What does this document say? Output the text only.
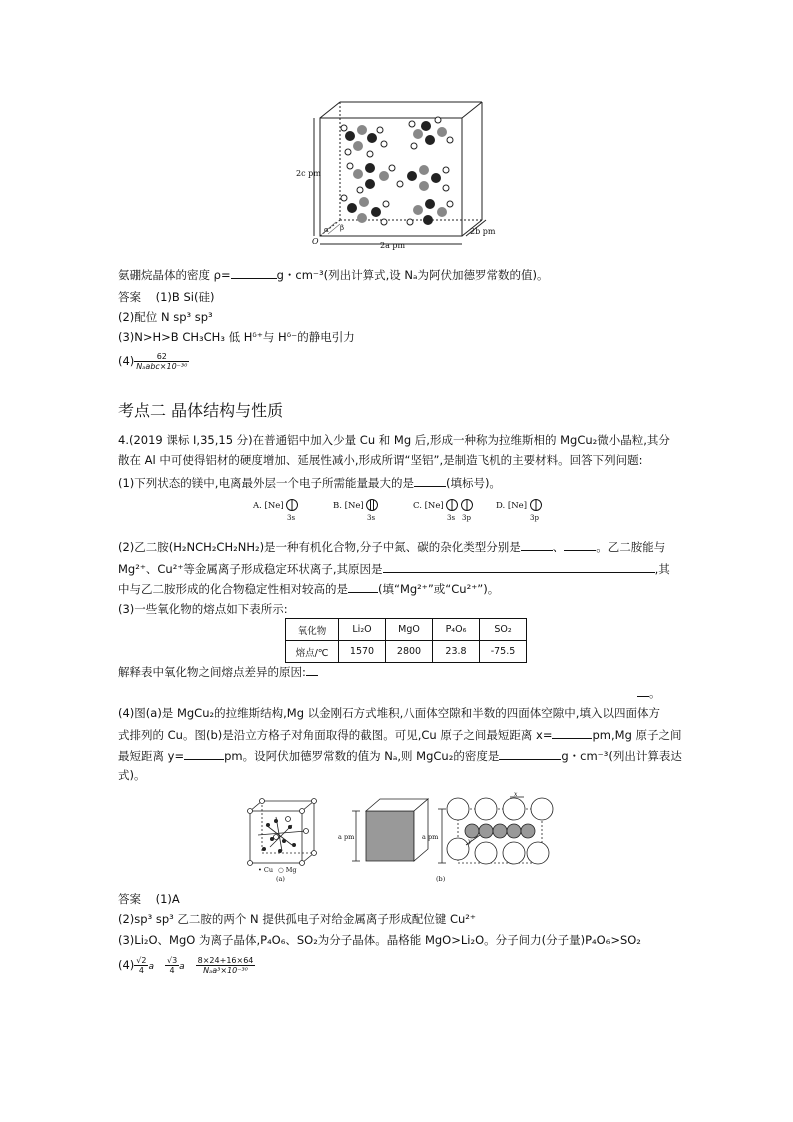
2c pm
2a pm
2b pm
O
α β
氨硼烷晶体的密度 ρ=	g・cm⁻³(列出计算式,设 Nₐ为阿伏加德罗常数的值)。
答案 (1)B Si(硅)
(2)配位 N sp³ sp³
(3)N>H>B CH₃CH₃ 低 Hᵟ⁺与 Hᵟ⁻的静电引力
$(4) \frac{62}{\text{Nₐabc×10⁻³⁰}}$
考点二 晶体结构与性质
4.(2019 课标 I,35,15 分)在普通铝中加入少量 Cu 和 Mg 后,形成一种称为拉维斯相的 MgCu₂微小晶粒,其分
散在 Al 中可使得铝材的硬度增加、延展性减小,形成所谓“坚铝”,是制造飞机的主要材料。回答下列问题:
(1)下列状态的镁中,电离最外层一个电子所需能量最大的是	(填标号)。
A. [Ne]
3s
B. [Ne]
3s
C. [Ne]
3s 3p
D. [Ne]
3p
(2)乙二胺(H₂NCH₂CH₂NH₂)是一种有机化合物,分子中氮、碳的杂化类型分别是	、	。乙二胺能与
Mg²⁺、Cu²⁺等金属离子形成稳定环状离子,其原因是	,其
中与乙二胺形成的化合物稳定性相对较高的是	(填“Mg²⁺”或“Cu²⁺”)。
(3)一些氧化物的熔点如下表所示:
氧化物	Li₂O	MgO	P₄O₆	SO₂
熔点/℃	1570	2800	23.8	-75.5
解释表中氧化物之间熔点差异的原因:
。
(4)图(a)是 MgCu₂的拉维斯结构,Mg 以金刚石方式堆积,八面体空隙和半数的四面体空隙中,填入以四面体方
式排列的 Cu。图(b)是沿立方格子对角面取得的截图。可见,Cu 原子之间最短距离 x=	pm,Mg 原子之间
最短距离 y=	pm。设阿伏加德罗常数的值为 Nₐ,则 MgCu₂的密度是	g・cm⁻³(列出计算表达
式)。
• Cu ○ Mg
(a)
a pm	a pm
x
y
(b)
答案 (1)A
(2)sp³ sp³ 乙二胺的两个 N 提供孤电子对给金属离子形成配位键 Cu²⁺
(3)Li₂O、MgO 为离子晶体,P₄O₆、SO₂为分子晶体。晶格能 MgO>Li₂O。分子间力(分子量)P₄O₆>SO₂
$(4) \frac{√2}{4}$ a $\frac{√3}{4}$ a $\frac{8\times 24+16\times 64}{\text{Nₐa³×10⁻³⁰}}$
